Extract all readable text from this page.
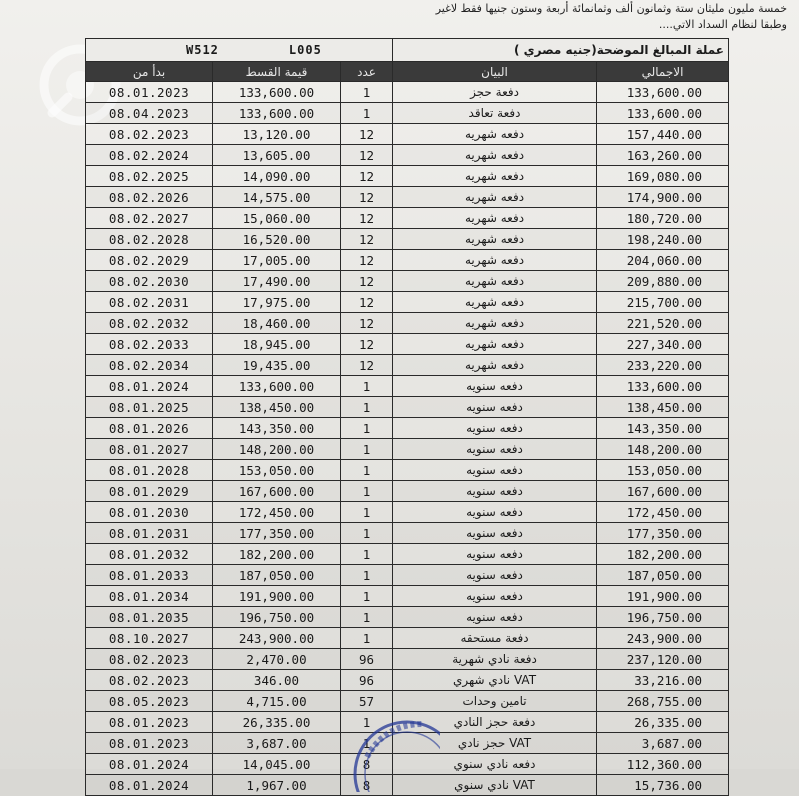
خمسة مليون مليثان ستة وثمانون ألف وثمانمائة أربعة وستون جنيها فقط لاغير
وطبقا لنظام السداد الاتي....
W512 L005			عملة المبالغ الموضحة(جنيه مصري )	
بدأ من	قيمة القسط	عدد	البيان	الاجمالي
08.01.2023	133,600.00	1	دفعة حجز	133,600.00
08.04.2023	133,600.00	1	دفعة تعاقد	133,600.00
08.02.2023	13,120.00	12	دفعه شهريه	157,440.00
08.02.2024	13,605.00	12	دفعه شهريه	163,260.00
08.02.2025	14,090.00	12	دفعه شهريه	169,080.00
08.02.2026	14,575.00	12	دفعه شهريه	174,900.00
08.02.2027	15,060.00	12	دفعه شهريه	180,720.00
08.02.2028	16,520.00	12	دفعه شهريه	198,240.00
08.02.2029	17,005.00	12	دفعه شهريه	204,060.00
08.02.2030	17,490.00	12	دفعه شهريه	209,880.00
08.02.2031	17,975.00	12	دفعه شهريه	215,700.00
08.02.2032	18,460.00	12	دفعه شهريه	221,520.00
08.02.2033	18,945.00	12	دفعه شهريه	227,340.00
08.02.2034	19,435.00	12	دفعه شهريه	233,220.00
08.01.2024	133,600.00	1	دفعه سنويه	133,600.00
08.01.2025	138,450.00	1	دفعه سنويه	138,450.00
08.01.2026	143,350.00	1	دفعه سنويه	143,350.00
08.01.2027	148,200.00	1	دفعه سنويه	148,200.00
08.01.2028	153,050.00	1	دفعه سنويه	153,050.00
08.01.2029	167,600.00	1	دفعه سنويه	167,600.00
08.01.2030	172,450.00	1	دفعه سنويه	172,450.00
08.01.2031	177,350.00	1	دفعه سنويه	177,350.00
08.01.2032	182,200.00	1	دفعه سنويه	182,200.00
08.01.2033	187,050.00	1	دفعه سنويه	187,050.00
08.01.2034	191,900.00	1	دفعه سنويه	191,900.00
08.01.2035	196,750.00	1	دفعه سنويه	196,750.00
08.10.2027	243,900.00	1	دفعة مستحقه	243,900.00
08.02.2023	2,470.00	96	دفعة نادي شهرية	237,120.00
08.02.2023	346.00	96	VAT نادي شهري	33,216.00
08.05.2023	4,715.00	57	تامين وحدات	268,755.00
08.01.2023	26,335.00	1	دفعة حجز النادي	26,335.00
08.01.2023	3,687.00	1	VAT حجز نادي	3,687.00
08.01.2024	14,045.00	8	دفعه نادي سنوي	112,360.00
08.01.2024	1,967.00	8	VAT نادي سنوي	15,736.00
